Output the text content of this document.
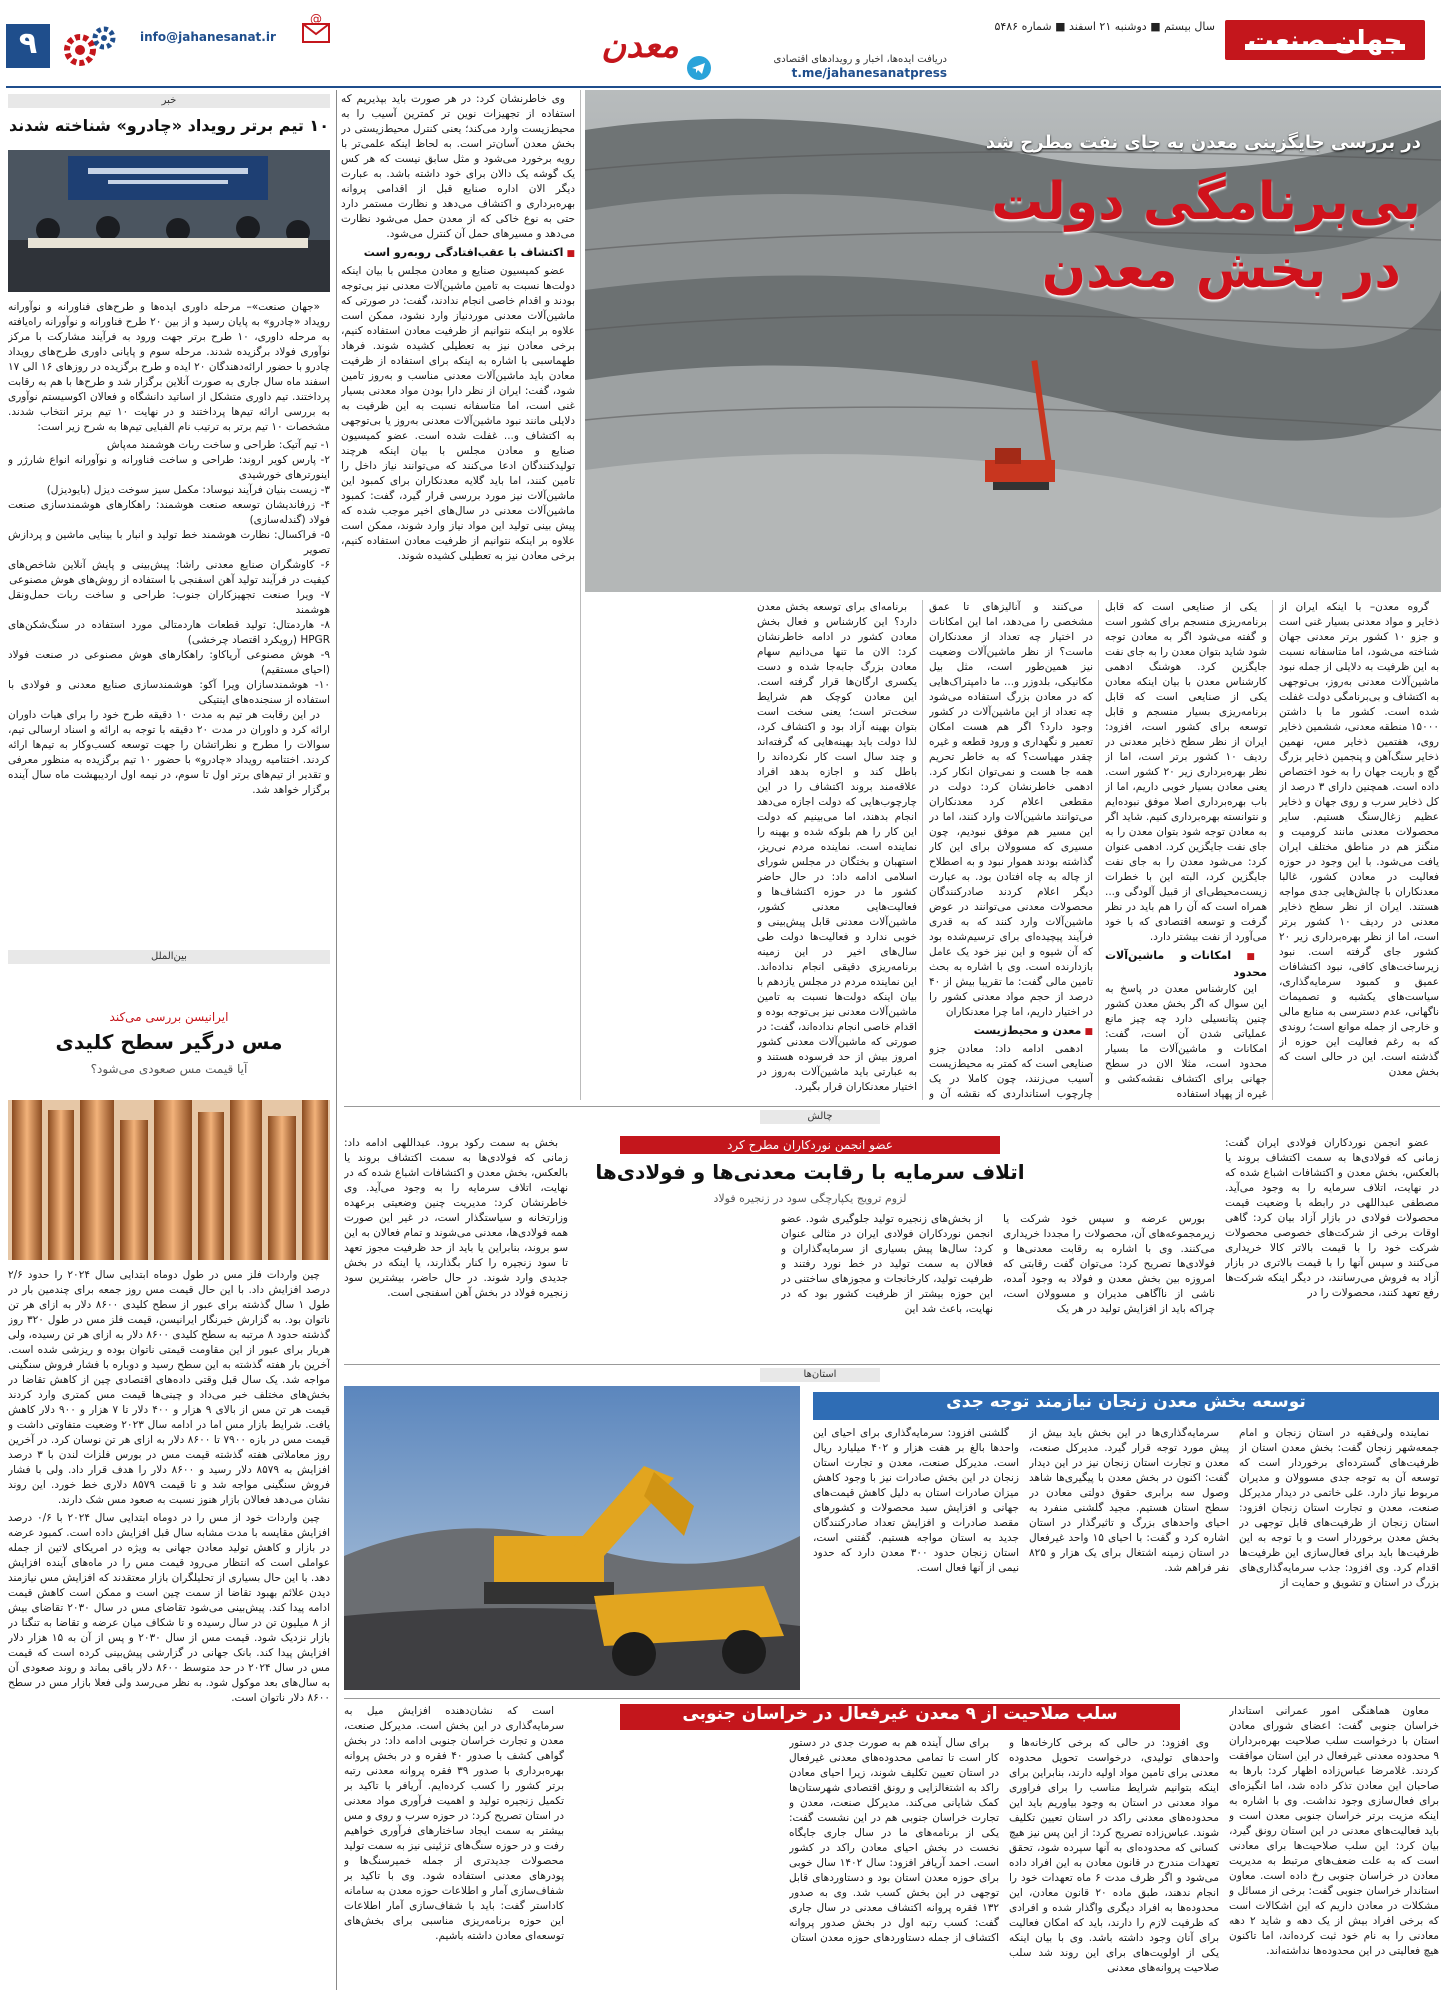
جهان صنعت
سال بیستم ■ دوشنبه ۲۱ اسفند ■ شماره ۵۴۸۶
دریافت ایده‌ها، اخبار و رویدادهای اقتصادی
t.me/jahanesanatpress
معدن
۹	info@jahanesanat.ir
@
در بررسی جایگزینی معدن به جای نفت مطرح شد
بی‌برنامگی دولت
در بخش معدن

گروه معدن– با اینکه ایران از ذخایر و مواد معدنی بسیار غنی است و جزو ۱۰ کشور برتر معدنی جهان شناخته می‌شود، اما متاسفانه نسبت به این ظرفیت به دلایلی از جمله نبود ماشین‌آلات معدنی به‌روز، بی‌توجهی به اکتشاف و بی‌برنامگی دولت غفلت شده است. کشور ما با داشتن ۱۵۰۰۰ منطقه معدنی، ششمین ذخایر روی، هفتمین ذخایر مس، نهمین ذخایر سنگ‌آهن و پنجمین ذخایر بزرگ گچ و باریت جهان را به خود اختصاص داده است. همچنین دارای ۳ درصد از کل ذخایر سرب و روی جهان و ذخایر عظیم زغال‌سنگ هستیم. سایر محصولات معدنی مانند کرومیت و منگنز هم در مناطق مختلف ایران یافت می‌شود. با این وجود در حوزه فعالیت در معادن کشور، غالبا معدنکاران با چالش‌هایی جدی مواجه هستند. ایران از نظر سطح ذخایر معدنی در ردیف ۱۰ کشور برتر است، اما از نظر بهره‌برداری زیر ۲۰ کشور جای گرفته است. نبود زیرساخت‌های کافی، نبود اکتشافات عمیق و کمبود سرمایه‌گذاری، سیاست‌های یکشبه و تصمیمات ناگهانی، عدم دسترسی به منابع مالی و خارجی از جمله موانع است؛ روندی که به رغم فعالیت این حوزه از گذشته است. این در حالی است که بخش معدن

یکی از صنایعی است که قابل برنامه‌ریزی منسجم برای کشور است و گفته می‌شود اگر به معادن توجه شود شاید بتوان معدن را به جای نفت جایگزین کرد. هوشنگ ادهمی کارشناس معدن با بیان اینکه معادن یکی از صنایعی است که قابل برنامه‌ریزی بسیار منسجم و قابل توسعه برای کشور است، افزود: ایران از نظر سطح ذخایر معدنی در ردیف ۱۰ کشور برتر است، اما از نظر بهره‌برداری زیر ۲۰ کشور است. یعنی معادن بسیار خوبی داریم، اما از باب بهره‌برداری اصلا موفق نبوده‌ایم و نتوانسته بهره‌برداری کنیم. شاید اگر به معادن توجه شود بتوان معدن را به جای نفت جایگزین کرد. ادهمی عنوان کرد: می‌شود معدن را به جای نفت جایگزین کرد، البته این با خطرات زیست‌محیطی‌ای از قبیل آلودگی و... همراه است که آن را هم باید در نظر گرفت و توسعه اقتصادی که با خود می‌آورد از نفت بیشتر دارد.

■ امکانات و ماشین‌آلات محدود

این کارشناس معدن در پاسخ به این سوال که اگر بخش معدن کشور چنین پتانسیلی دارد چه چیز مانع عملیاتی شدن آن است، گفت: امکانات و ماشین‌آلات ما بسیار محدود است، مثلا الان در سطح جهانی برای اکتشاف نقشه‌کشی و غیره از پهپاد استفاده

می‌کنند و آنالیزهای تا عمق مشخصی را می‌دهد، اما این امکانات در اختیار چه تعداد از معدنکاران ماست؟ از نظر ماشین‌آلات وضعیت نیز همین‌طور است، مثل بیل مکانیکی، بلدوزر و... ما دامپتراک‌هایی که در معادن بزرگ استفاده می‌شود چه تعداد از این ماشین‌آلات در کشور وجود دارد؟ اگر هم هست امکان تعمیر و نگهداری و ورود قطعه و غیره چقدر مهیاست؟ که به خاطر تحریم همه جا هست و نمی‌توان انکار کرد. ادهمی خاطرنشان کرد: دولت در مقطعی اعلام کرد معدنکاران می‌توانند ماشین‌آلات وارد کنند، اما در این مسیر هم موفق نبودیم، چون مسیری که مسوولان برای این کار گذاشته بودند هموار نبود و به اصطلاح از چاله به چاه افتادن بود. به عبارت دیگر اعلام کردند صادرکنندگان محصولات معدنی می‌توانند در عوض ماشین‌آلات وارد کنند که به قدری فرآیند پیچیده‌ای برای ترسیم‌شده بود که آن شیوه و این نیز خود یک عامل بازدارنده است. وی با اشاره به بحث تامین مالی گفت: ما تقریبا بیش از ۴۰ درصد از حجم مواد معدنی کشور را در اختیار داریم، اما چرا معدنکاران

■ معدن و محیط‌زیست

ادهمی ادامه داد: معادن جزو صنایعی است که کمتر به محیط‌زیست آسیب می‌زنند، چون کاملا در یک چارچوب استانداردی که نقشه آن و

برنامه‌ای برای توسعه بخش معدن دارد؟ این کارشناس و فعال بخش معادن کشور در ادامه خاطرنشان کرد: الان ما تنها می‌دانیم سهام معادن بزرگ جابه‌جا شده و دست یکسری ارگان‌ها قرار گرفته است. این معادن کوچک هم شرایط سخت‌تر است؛ یعنی سخت است بتوان بهینه آزاد بود و اکتشاف کرد، لذا دولت باید بهینه‌هایی که گرفته‌اند و چند سال است کار نکرده‌اند را باطل کند و اجازه بدهد افراد علاقه‌مند بروند اکتشاف را در این چارچوب‌هایی که دولت اجازه می‌دهد انجام بدهند، اما می‌بینیم که دولت این کار را هم بلوکه شده و بهینه را نماینده است. نماینده مردم نی‌ریز، استهبان و بختگان در مجلس شورای اسلامی ادامه داد: در حال حاضر کشور ما در حوزه اکتشاف‌ها و فعالیت‌هایی معدنی کشور، ماشین‌آلات معدنی قابل پیش‌بینی و خوبی ندارد و فعالیت‌ها دولت طی سال‌های اخیر در این زمینه برنامه‌ریزی دقیقی انجام نداده‌اند. این نماینده مردم در مجلس یازدهم با بیان اینکه دولت‌ها نسبت به تامین ماشین‌آلات معدنی نیز بی‌توجه بوده و اقدام خاصی انجام نداده‌اند، گفت: در صورتی که ماشین‌آلات معدنی کشور امروز بیش از حد فرسوده هستند و به عبارتی باید ماشین‌آلات به‌روز در اختیار معدنکاران قرار بگیرد.

وی خاطرنشان کرد: در هر صورت باید بپذیریم که استفاده از تجهیزات نوین تر کمترین آسیب را به محیط‌زیست وارد می‌کند؛ یعنی کنترل محیط‌زیستی در بخش معدن آسان‌تر است. به لحاظ اینکه علمی‌تر با رویه برخورد می‌شود و مثل سابق نیست که هر کس یک گوشه یک دالان برای خود داشته باشد. به عبارت دیگر الان اداره صنایع قبل از اقدامی پروانه بهره‌برداری و اکتشاف می‌دهد و نظارت مستمر دارد حتی به نوع خاکی که از معدن حمل می‌شود نظارت می‌دهد و مسیرهای حمل آن کنترل می‌شود.

■ اکتشاف با عقب‌افتادگی روبه‌رو است

عضو کمیسیون صنایع و معادن مجلس با بیان اینکه دولت‌ها نسبت به تامین ماشین‌آلات معدنی نیز بی‌توجه بودند و اقدام خاصی انجام ندادند، گفت: در صورتی که ماشین‌آلات معدنی موردنیاز وارد نشود، ممکن است علاوه بر اینکه نتوانیم از ظرفیت معادن استفاده کنیم، برخی معادن نیز به تعطیلی کشیده شوند. فرهاد طهماسبی با اشاره به اینکه برای استفاده از ظرفیت معادن باید ماشین‌آلات معدنی مناسب و به‌روز تامین شود، گفت: ایران از نظر دارا بودن مواد معدنی بسیار غنی است، اما متاسفانه نسبت به این ظرفیت به دلایلی مانند نبود ماشین‌آلات معدنی به‌روز یا بی‌توجهی به اکتشاف و... غفلت شده است. عضو کمیسیون صنایع و معادن مجلس با بیان اینکه هرچند تولیدکنندگان ادعا می‌کنند که می‌توانند نیاز داخل را تامین کنند، اما باید گلایه معدنکاران برای کمبود این ماشین‌آلات نیز مورد بررسی قرار گیرد، گفت: کمبود ماشین‌آلات معدنی در سال‌های اخیر موجب شده که پیش بینی تولید این مواد نیاز وارد شوند، ممکن است علاوه بر اینکه نتوانیم از ظرفیت معادن استفاده کنیم، برخی معادن نیز به تعطیلی کشیده شوند.

خبر
۱۰ تیم برتر رویداد «چادرو» شناخته شدند

«جهان صنعت»– مرحله داوری ایده‌ها و طرح‌های فناورانه و نوآورانه رویداد «چادرو» به پایان رسید و از بین ۲۰ طرح فناورانه و نوآورانه راه‌یافته به مرحله داوری، ۱۰ طرح برتر جهت ورود به فرآیند مشارکت با مرکز نوآوری فولاد برگزیده شدند. مرحله سوم و پایانی داوری طرح‌های رویداد چادرو با حضور ارائه‌دهندگان ۲۰ ایده و طرح برگزیده در روزهای ۱۶ الی ۱۷ اسفند ماه سال جاری به صورت آنلاین برگزار شد و طرح‌ها با هم به رقابت پرداختند. تیم داوری متشکل از اساتید دانشگاه و فعالان اکوسیستم نوآوری به بررسی ارائه تیم‌ها پرداختند و در نهایت ۱۰ تیم برتر انتخاب شدند. مشخصات ۱۰ تیم برتر به ترتیب نام الفبایی تیم‌ها به شرح زیر است:

۱- تیم آتیک: طراحی و ساخت ربات هوشمند مه‌پاش

۲- پارس کویر اروند: طراحی و ساخت فناورانه و نوآورانه انواع شارژر و اینورترهای خورشیدی

۳- زیست بنیان فرآیند نیوساد: مکمل سیز سوخت دیزل (بایودیزل)

۴- زرفاندیشان توسعه صنعت هوشمند: راهکارهای هوشمندسازی صنعت فولاد (گندله‌سازی)

۵- فراکسال: نظارت هوشمند خط تولید و انبار با بینایی ماشین و پردازش تصویر

۶- کاوشگران صنایع معدنی راشا: پیش‌بینی و پایش آنلاین شاخص‌های کیفیت در فرآیند تولید آهن اسفنجی با استفاده از روش‌های هوش مصنوعی

۷- ویرا صنعت تجهیزکاران جنوب: طراحی و ساخت ربات حمل‌ونقل هوشمند

۸- هاردمتال: تولید قطعات هاردمتالی مورد استفاده در سنگ‌شکن‌های HPGR (رویکرد اقتصاد چرخشی)

۹- هوش مصنوعی آریاکاو: راهکارهای هوش مصنوعی در صنعت فولاد (احیای مستقیم)

۱۰- هوشمندسازان ویرا آکو: هوشمندسازی صنایع معدنی و فولادی با استفاده از سنجنده‌های اینتیکی

در این رقابت هر تیم به مدت ۱۰ دقیقه طرح خود را برای هیات داوران ارائه کرد و داوران در مدت ۲۰ دقیقه با توجه به ارائه و اسناد ارسالی تیم، سوالات را مطرح و نظراتشان را جهت توسعه کسب‌وکار به تیم‌ها ارائه کردند. اختتامیه رویداد «چادرو» با حضور ۱۰ تیم برگزیده به منظور معرفی و تقدیر از تیم‌های برتر اول تا سوم، در نیمه اول اردیبهشت ماه سال آینده برگزار خواهد شد.

بین‌الملل
ایرانیسن بررسی می‌کند
مس درگیر سطح کلیدی
آیا قیمت مس صعودی می‌شود؟

چین واردات فلز مس در طول دوماه ابتدایی سال ۲۰۲۴ را حدود ۲/۶ درصد افزایش داد. با این حال قیمت مس روز جمعه برای چندمین بار در طول ۱ سال گذشته برای عبور از سطح کلیدی ۸۶۰۰ دلار به ازای هر تن ناتوان بود. به گزارش خبرنگار ایرانیسن، قیمت فلز مس در طول ۳۲۰ روز گذشته حدود ۸ مرتبه به سطح کلیدی ۸۶۰۰ دلار به ازای هر تن رسیده، ولی هربار برای عبور از این مقاومت قیمتی ناتوان بوده و ریزشی شده است. آخرین بار هفته گذشته به این سطح رسید و دوباره با فشار فروش سنگینی مواجه شد. یک سال قبل وقتی داده‌های اقتصادی چین از کاهش تقاضا در بخش‌های مختلف خبر می‌داد و چینی‌ها قیمت مس کمتری وارد کردند قیمت هر تن مس از بالای ۹ هزار و ۴۰۰ دلار تا ۷ هزار و ۹۰۰ دلار کاهش یافت. شرایط بازار مس اما در ادامه سال ۲۰۲۳ وضعیت متفاوتی داشت و قیمت مس در بازه ۷۹۰۰ تا ۸۶۰۰ دلار به ازای هر تن نوسان کرد. در آخرین روز معاملاتی هفته گذشته قیمت مس در بورس فلزات لندن با ۳ درصد افزایش به ۸۵۷۹ دلار رسید و ۸۶۰۰ دلار را هدف قرار داد. ولی با فشار فروش سنگینی مواجه شد و تا قیمت ۸۵۷۹ دلاری خط خورد. این روند نشان می‌دهد فعالان بازار هنوز نسبت به صعود مس شک دارند.

چین واردات خود از مس را در دوماه ابتدایی سال ۲۰۲۴ با ۰/۶ درصد افزایش مقایسه با مدت مشابه سال قبل افزایش داده است. کمبود عرضه در بازار و کاهش تولید معادن جهانی به ویژه در امریکای لاتین از جمله عواملی است که انتظار می‌رود قیمت مس را در ماه‌های آینده افزایش دهد. با این حال بسیاری از تحلیلگران بازار معتقدند که افزایش مس نیازمند دیدن علائم بهبود تقاضا از سمت چین است و ممکن است کاهش قیمت ادامه پیدا کند. پیش‌بینی می‌شود تقاضای مس در سال ۲۰۳۰ تقاضای بیش از ۸ میلیون تن در سال رسیده و تا شکاف میان عرضه و تقاضا به تنگنا در بازار نزدیک شود. قیمت مس از سال ۲۰۳۰ و پس از آن به ۱۵ هزار دلار افزایش پیدا کند. بانک جهانی در گزارشی پیش‌بینی کرده است که قیمت مس در سال ۲۰۲۴ در حد متوسط ۸۶۰۰ دلار باقی بماند و روند صعودی آن به سال‌های بعد موکول شود. به نظر می‌رسد ولی فعلا بازار مس در سطح ۸۶۰۰ دلار ناتوان است.

چالش
عضو انجمن نوردکاران مطرح کرد
اتلاف سرمایه با رقابت معدنی‌ها و فولادی‌ها
لزوم ترویج یکپارچگی سود در زنجیره فولاد

عضو انجمن نوردکاران فولادی ایران گفت: زمانی که فولادی‌ها به سمت اکتشاف بروند یا بالعکس، بخش معدن و اکتشافات اشباع شده که در نهایت، اتلاف سرمایه را به وجود می‌آید. مصطفی عبداللهی در رابطه با وضعیت قیمت محصولات فولادی در بازار آزاد بیان کرد: گاهی اوقات برخی از شرکت‌های خصوصی محصولات شرکت خود را با قیمت بالاتر کالا خریداری می‌کنند و سپس آنها را با قیمت بالاتری در بازار آزاد به فروش می‌رسانند، در دیگر اینکه شرکت‌ها رفع تعهد کنند، محصولات را در

بورس عرضه و سپس خود شرکت یا زیرمجموعه‌های آن، محصولات را مجددا خریداری می‌کنند. وی با اشاره به رقابت معدنی‌ها و فولادی‌ها تصریح کرد: می‌توان گفت رقابتی که امروزه بین بخش معدن و فولاد به وجود آمده، ناشی از ناآگاهی مدیران و مسوولان است، چراکه باید از افزایش تولید در هر یک

از بخش‌های زنجیره تولید جلوگیری شود. عضو انجمن نوردکاران فولادی ایران در مثالی عنوان کرد: سال‌ها پیش بسیاری از سرمایه‌گذاران و فعالان به سمت تولید در خط نورد رفتند و ظرفیت تولید، کارخانجات و مجوزهای ساختنی در این حوزه بیشتر از ظرفیت کشور بود که در نهایت، باعث شد این

بخش به سمت رکود برود. عبداللهی ادامه داد: زمانی که فولادی‌ها به سمت اکتشاف بروند یا بالعکس، بخش معدن و اکتشافات اشباع شده که در نهایت، اتلاف سرمایه را به وجود می‌آید. وی خاطرنشان کرد: مدیریت چنین وضعیتی برعهده وزارتخانه و سیاستگذار است، در غیر این صورت همه فولادی‌ها، معدنی می‌شوند و تمام فعالان به این سو بروند، بنابراین یا باید از حد ظرفیت مجوز تعهد تا سود زنجیره را کنار بگذارند، یا اینکه در بخش جدیدی وارد شوند. در حال حاضر، بیشترین سود زنجیره فولاد در بخش آهن اسفنجی است.

استان‌ها
توسعه بخش معدن زنجان نیازمند توجه جدی

نماینده ولی‌فقیه در استان زنجان و امام جمعه‌شهر زنجان گفت: بخش معدن استان از ظرفیت‌های گسترده‌ای برخوردار است که توسعه آن به توجه جدی مسوولان و مدیران مربوط نیاز دارد. علی خاتمی در دیدار مدیرکل صنعت، معدن و تجارت استان زنجان افزود: استان زنجان از ظرفیت‌های قابل توجهی در بخش معدن برخوردار است و با توجه به این ظرفیت‌ها باید برای فعال‌سازی این ظرفیت‌ها اقدام کرد. وی افزود: جذب سرمایه‌گذاری‌های بزرگ در استان و تشویق و حمایت از

سرمایه‌گذاری‌ها در این بخش باید بیش از پیش مورد توجه قرار گیرد. مدیرکل صنعت، معدن و تجارت استان زنجان نیز در این دیدار گفت: اکنون در بخش معدن با پیگیری‌ها شاهد وصول سه برابری حقوق دولتی معادن در سطح استان هستیم. مجید گلشنی منفرد به احیای واحدهای بزرگ و تاثیرگذار در استان اشاره کرد و گفت: با احیای ۱۵ واحد غیرفعال در استان زمینه اشتغال برای یک هزار و ۸۲۵ نفر فراهم شد.

گلشنی افزود: سرمایه‌گذاری برای احیای این واحدها بالغ بر هفت هزار و ۴۰۲ میلیارد ریال است. مدیرکل صنعت، معدن و تجارت استان زنجان در این بخش صادرات نیز با وجود کاهش میزان صادرات استان به دلیل کاهش قیمت‌های جهانی و افزایش سبد محصولات و کشورهای مقصد صادرات و افزایش تعداد صادرکنندگان جدید به استان مواجه هستیم. گفتنی است، استان زنجان حدود ۳۰۰ معدن دارد که حدود نیمی از آنها فعال است.

سلب صلاحیت از ۹ معدن غیرفعال در خراسان جنوبی	معاون هماهنگی امور عمرانی استاندار خراسان جنوبی گفت: اعضای شورای معادن استان با درخواست سلب صلاحیت بهره‌برداران ۹ محدوده معدنی غیرفعال در این استان موافقت کردند. غلامرضا عباس‌زاده اظهار کرد: بارها به صاحبان این معادن تذکر داده شد، اما انگیزه‌ای برای فعال‌سازی وجود نداشت. وی با اشاره به اینکه مزیت برتر خراسان جنوبی معدن است و باید فعالیت‌های معدنی در این استان رونق گیرد، بیان کرد: این سلب صلاحیت‌ها برای معادنی است که به علت ضعف‌های مرتبط به مدیریت معادن در خراسان جنوبی رخ داده است. معاون استاندار خراسان جنوبی گفت: برخی از مسائل و مشکلات در معادن داریم که این اشکالات است که برخی افراد بیش از یک دهه و شاید ۲ دهه معادنی را به نام خود ثبت کرده‌اند، اما تاکنون هیچ فعالیتی در این محدوده‌ها نداشته‌اند.

وی افزود: در حالی که برخی کارخانه‌ها و واحدهای تولیدی، درخواست تحویل محدوده معدنی برای تامین مواد اولیه دارند، بنابراین برای اینکه بتوانیم شرایط مناسب را برای فراوری مواد معدنی در استان به وجود بیاوریم باید این محدوده‌های معدنی راکد در استان تعیین تکلیف شوند. عباس‌زاده تصریح کرد: از این پس نیز هیچ کسانی که محدوده‌ای به آنها سپرده شود، تحقق تعهدات مندرج در قانون معادن به این افراد داده می‌شود و اگر ظرف مدت ۶ ماه تعهدات خود را انجام ندهند، طبق ماده ۲۰ قانون معادن، این محدوده‌ها به افراد دیگری واگذار شده و افرادی که ظرفیت لازم را دارند، باید که امکان فعالیت برای آنان وجود داشته باشد. وی با بیان اینکه یکی از اولویت‌های برای این روند شد سلب صلاحیت پروانه‌های معدنی

برای سال آینده هم به صورت جدی در دستور کار است تا تمامی محدوده‌های معدنی غیرفعال در استان تعیین تکلیف شوند، زیرا احیای معادن راکد به اشتغالزایی و رونق اقتصادی شهرستان‌ها کمک شایانی می‌کند. مدیرکل صنعت، معدن و تجارت خراسان جنوبی هم در این نشست گفت: یکی از برنامه‌های ما در سال جاری جایگاه نخست در بخش احیای معادن راکد در کشور است. احمد آریافر افزود: سال ۱۴۰۲ سال خوبی برای حوزه معدن استان بود و دستاوردهای قابل توجهی در این بخش کسب شد. وی به صدور ۱۳۲ فقره پروانه اکتشاف معدنی در سال جاری گفت: کسب رتبه اول در بخش صدور پروانه اکتشاف از جمله دستاوردهای حوزه معدن استان

است که نشان‌دهنده افزایش میل به سرمایه‌گذاری در این بخش است. مدیرکل صنعت، معدن و تجارت خراسان جنوبی ادامه داد: در بخش گواهی کشف با صدور ۴۰ فقره و در بخش پروانه بهره‌برداری با صدور ۳۹ فقره پروانه معدنی رتبه برتر کشور را کسب کرده‌ایم. آریافر با تاکید بر تکمیل زنجیره تولید و اهمیت فرآوری مواد معدنی در استان تصریح کرد: در حوزه سرب و روی و مس بیشتر به سمت ایجاد ساختارهای فرآوری خواهیم رفت و در حوزه سنگ‌های تزئینی نیز به سمت تولید محصولات جدیدتری از جمله خمیرسنگ‌ها و پودرهای معدنی استفاده شود. وی با تاکید بر شفاف‌سازی آمار و اطلاعات حوزه معدن به سامانه کاداستر گفت: باید با شفاف‌سازی آمار اطلاعات این حوزه برنامه‌ریزی مناسبی برای بخش‌های توسعه‌ای معادن داشته باشیم.
